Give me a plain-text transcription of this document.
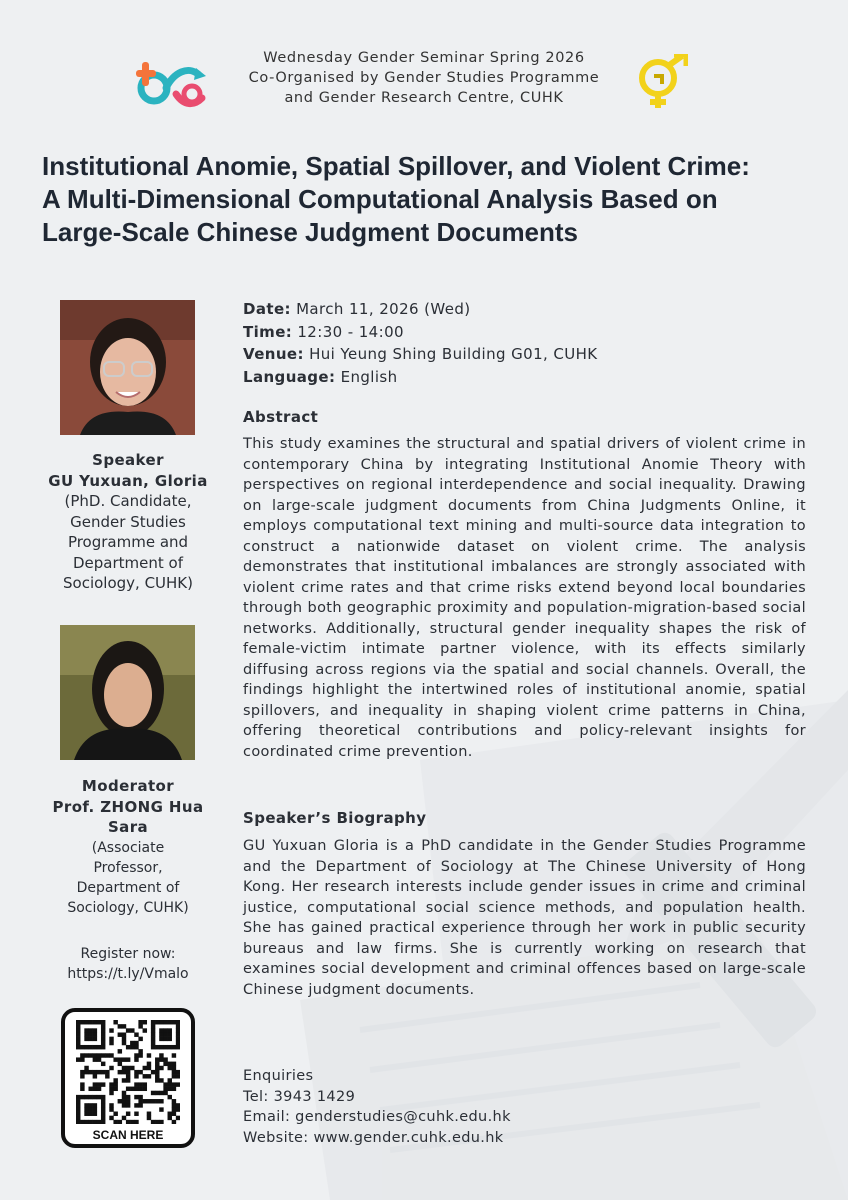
Wednesday Gender Seminar Spring 2026
Co-Organised by Gender Studies Programme
and Gender Research Centre, CUHK
Institutional Anomie, Spatial Spillover, and Violent Crime:
A Multi-Dimensional Computational Analysis Based on
Large-Scale Chinese Judgment Documents
Speaker
GU Yuxuan, Gloria
(PhD. Candidate,
Gender Studies
Programme and
Department of
Sociology, CUHK)
Moderator
Prof. ZHONG Hua
Sara
(Associate
Professor,
Department of
Sociology, CUHK)
Register now:
https://t.ly/Vmalo
SCAN HERE
Date: March 11, 2026 (Wed)
Time: 12:30 - 14:00
Venue: Hui Yeung Shing Building G01, CUHK
Language: English
Abstract
This study examines the structural and spatial drivers of violent crime in contemporary China by integrating Institutional Anomie Theory with perspectives on regional interdependence and social inequality. Drawing on large-scale judgment documents from China Judgments Online, it employs computational text mining and multi-source data integration to construct a nationwide dataset on violent crime. The analysis demonstrates that institutional imbalances are strongly associated with violent crime rates and that crime risks extend beyond local boundaries through both geographic proximity and population-migration-based social networks. Additionally, structural gender inequality shapes the risk of female-victim intimate partner violence, with its effects similarly diffusing across regions via the spatial and social channels. Overall, the findings highlight the intertwined roles of institutional anomie, spatial spillovers, and inequality in shaping violent crime patterns in China, offering theoretical contributions and policy-relevant insights for coordinated crime prevention.
Speaker’s Biography
GU Yuxuan Gloria is a PhD candidate in the Gender Studies Programme and the Department of Sociology at The Chinese University of Hong Kong. Her research interests include gender issues in crime and criminal justice, computational social science methods, and population health. She has gained practical experience through her work in public security bureaus and law firms. She is currently working on research that examines social development and criminal offences based on large-scale Chinese judgment documents.
Enquiries
Tel: 3943 1429
Email: genderstudies@cuhk.edu.hk
Website: www.gender.cuhk.edu.hk
